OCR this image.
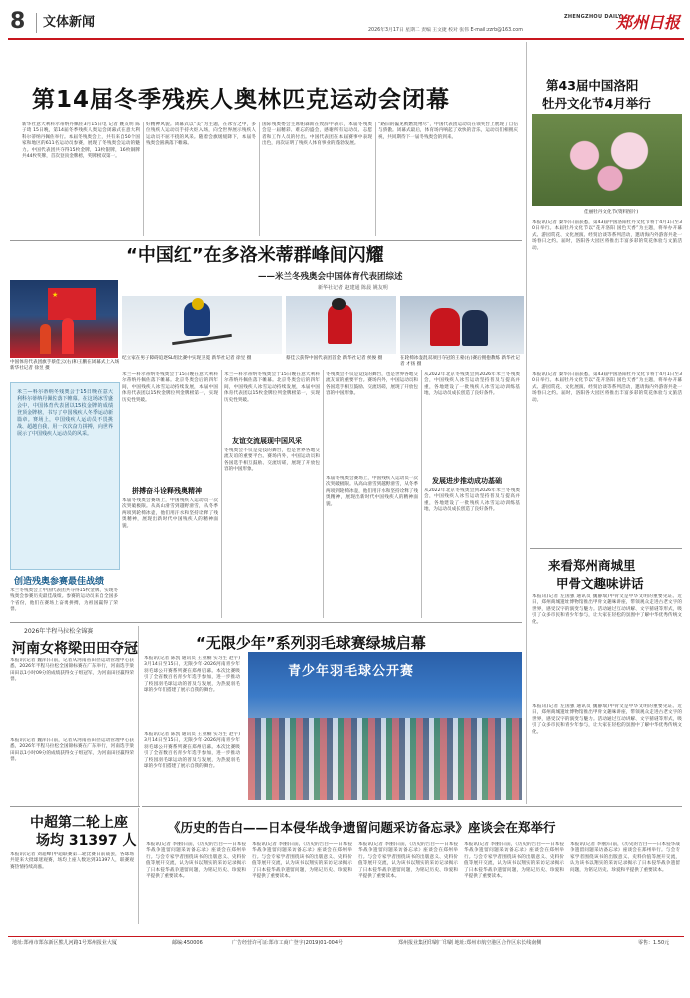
8	文体新闻
2026年3月17日 星期二 责编 王文捷 校对 张伟 E-mail:zzrb@163.com
ZHENGZHOU DAILY
郑州日报
第14届冬季残疾人奥林匹克运动会闭幕
新华社意大利科尔蒂纳丹佩佐3月15日电 记者 姚友明 陈子琦 15日晚，第14届冬季残疾人奥运会闭幕式在意大利科尔蒂纳丹佩佐举行。本届冬残奥会上，共有来自50个国家和地区的611名运动员参赛，展现了冬残奥会运动的魅力。中国代表团共夺得15枚金牌，13枚银牌，16枚铜牌共44枚奖牌，首次登顶金牌榜，奖牌榜双第一。
好精神风貌。闭幕式以“美”为主题，在冰雪之中，多位残疾人运动员手持火炬入场，向全世界展示残疾人运动员不屈不挠的风采。随着会旗缓缓降下，本届冬残奥会圆满落下帷幕。
国际残奥委会主席帕森斯在致辞中表示，本届冬残奥会是一届精彩、难忘的盛会，感谢所有运动员、志愿者和工作人员的付出。中国代表团在本届赛事中表现出色，再次证明了残疾人体育事业的蓬勃发展。
“路旧的偏见被燃烧殆尽”，中国代表团运动员在领奖台上展现了自信与骄傲。闭幕式最后，体育场内响起了欢快的音乐，运动员们相拥庆祝，共同期待下一届冬残奥会的到来。
“中国红”在多洛米蒂群峰间闪耀
——米兰冬残奥会中国体育代表团综述
新华社记者 赵建通 陈晨 姚友明
★
中国体育代表团旗手蔡佳云(右)和王鹏在闭幕式上入场 新华社记者 徐昱 摄
纪立家在男子障碍追逐SL组比赛中实现卫冕 新华社记者 徐昱 摄	蔡佳云获得中国代表团首金 新华社记者 侯俊 摄	在轮椅冰壶混双项目夺冠的王蒙(右)赛后拥抱教练 新华社记者 才扬 摄
米兰—科尔蒂纳冬残奥会于15日晚在意大利科尔蒂纳丹佩佐落下帷幕。在这场冰雪盛会中，中国体育代表团以15枚金牌的成绩登顶金牌榜，书写了中国残疾人冬季运动新篇章。赛场上，中国残疾人运动员不畏挑战、超越自我，用一次次奋力拼搏，向世界展示了中国残疾人运动员的风采。
米兰—科尔蒂纳冬残奥会于15日晚在意大利科尔蒂纳丹佩佐落下帷幕。北京冬奥会后的四年间，中国残疾人冰雪运动持续发展，本届中国体育代表团以15枚金牌位列金牌榜第一，实现历史性突破。
拼搏奋斗诠释残奥精神
本届冬残奥会赛场上，中国残疾人运动员一次次突破极限。从高山滑雪到越野滑雪，从冬季两项到轮椅冰壶，他们用汗水和坚持诠释了残奥精神，展现出新时代中国残疾人的精神面貌。
米兰—科尔蒂纳冬残奥会于15日晚在意大利科尔蒂纳丹佩佐落下帷幕。北京冬奥会后的四年间，中国残疾人冰雪运动持续发展，本届中国体育代表团以15枚金牌位列金牌榜第一，实现历史性突破。
友谊交流展现中国风采
冬残奥会不仅是竞技的舞台，也是世界各地交流友谊的重要平台。赛场内外，中国运动员和各国选手相互鼓励、交流切磋，展现了开放包容的中国形象。
冬残奥会不仅是竞技的舞台，也是世界各地交流友谊的重要平台。赛场内外，中国运动员和各国选手相互鼓励、交流切磋，展现了开放包容的中国形象。
发展进步推动成功基础
从2022年北京冬残奥会到2026年米兰冬残奥会，中国残疾人冰雪运动坚持普及与提高并重，各地建设了一批残疾人冰雪运动训练基地，为运动员成长创造了良好条件。
从2022年北京冬残奥会到2026年米兰冬残奥会，中国残疾人冰雪运动坚持普及与提高并重，各地建设了一批残疾人冰雪运动训练基地，为运动员成长创造了良好条件。
本届冬残奥会赛场上，中国残疾人运动员一次次突破极限。从高山滑雪到越野滑雪，从冬季两项到轮椅冰壶，他们用汗水和坚持诠释了残奥精神，展现出新时代中国残疾人的精神面貌。
创造残奥参赛最佳战绩
米兰冬残奥会上中国代表团共夺得15枚金牌，实现冬残奥会参赛历史最佳战绩。参赛的运动员来自全国多个省份，他们在赛场上奋勇拼搏，为祖国赢得了荣誉。
2026年半程马拉松全锦赛
河南女将梁田田夺冠
本报讯(记者 魏萍)日前，记者从河南省田径运动管理中心获悉，2026年半程马拉松全国锦标赛在广东举行，河南选手梁田田以1小时09分的成绩获得女子组冠军，为河南田径赢得荣誉。
本报讯(记者 魏萍)日前，记者从河南省田径运动管理中心获悉，2026年半程马拉松全国锦标赛在广东举行，河南选手梁田田以1小时09分的成绩获得女子组冠军，为河南田径赢得荣誉。
“无限少年”系列羽毛球赛绿城启幕
本报讯(记者 陈凯 通讯员 王亚楠 实习生 赵宇)3月14日至15日，无限少年·2026河南青少年羽毛球公开赛系列赛在郑州启幕。本次比赛吸引了全省数百名青少年选手参加，进一步推动了校园羽毛球运动的普及与发展，为热爱羽毛球的少年们搭建了展示自我的舞台。
本报讯(记者 陈凯 通讯员 王亚楠 实习生 赵宇)3月14日至15日，无限少年·2026河南青少年羽毛球公开赛系列赛在郑州启幕。本次比赛吸引了全省数百名青少年选手参加，进一步推动了校园羽毛球运动的普及与发展，为热爱羽毛球的少年们搭建了展示自我的舞台。
青少年羽毛球公开赛
中超第二轮上座
场均 31397 人
本报讯(记者 刘超峰)中超联赛第二轮比赛日前战罢，各球场共迎来大批球迷观赛，场均上座人数达到31397人，联赛观赛热情持续高涨。
《历史的告白——日本侵华战争遗留问题采访备忘录》座谈会在郑举行
本报讯(记者 李丽)日前，《历史的告白——日本侵华战争遗留问题采访备忘录》座谈会在郑州举行。与会专家学者围绕该书的出版意义、史料价值等展开交流，认为该书以翔实的采访记录揭示了日本侵华战争遗留问题，为铭记历史、珍爱和平提供了重要读本。
本报讯(记者 李丽)日前，《历史的告白——日本侵华战争遗留问题采访备忘录》座谈会在郑州举行。与会专家学者围绕该书的出版意义、史料价值等展开交流，认为该书以翔实的采访记录揭示了日本侵华战争遗留问题，为铭记历史、珍爱和平提供了重要读本。
本报讯(记者 李丽)日前，《历史的告白——日本侵华战争遗留问题采访备忘录》座谈会在郑州举行。与会专家学者围绕该书的出版意义、史料价值等展开交流，认为该书以翔实的采访记录揭示了日本侵华战争遗留问题，为铭记历史、珍爱和平提供了重要读本。
本报讯(记者 李丽)日前，《历史的告白——日本侵华战争遗留问题采访备忘录》座谈会在郑州举行。与会专家学者围绕该书的出版意义、史料价值等展开交流，认为该书以翔实的采访记录揭示了日本侵华战争遗留问题，为铭记历史、珍爱和平提供了重要读本。
本报讯(记者 李丽)日前，《历史的告白——日本侵华战争遗留问题采访备忘录》座谈会在郑州举行。与会专家学者围绕该书的出版意义、史料价值等展开交流，认为该书以翔实的采访记录揭示了日本侵华战争遗留问题，为铭记历史、珍爱和平提供了重要读本。
第43届中国洛阳
牡丹文化节4月举行
佳丽牡丹文化节(资料图片)
本报讯(记者 秦华)日前获悉，第43届中国洛阳牡丹文化节将于4月1日至30日举行。本届牡丹文化节以“花开洛阳 国色天香”为主题，将举办开幕式、游园赏花、文化展演、经贸洽谈等系列活动，邀请海内外游客共赴一场春日之约。届时，洛阳各大园区将推出丰富多彩的赏花体验与文旅活动。
本报讯(记者 秦华)日前获悉，第43届中国洛阳牡丹文化节将于4月1日至30日举行。本届牡丹文化节以“花开洛阳 国色天香”为主题，将举办开幕式、游园赏花、文化展演、经贸洽谈等系列活动，邀请海内外游客共赴一场春日之约。届时，洛阳各大园区将推出丰富多彩的赏花体验与文旅活动。
来看郑州商城里
甲骨文趣味讲话
本报讯(记者 左国强 通讯员 魏静瑞)甲骨文是中华文明的重要见证。近日，郑州商城遗址博物馆推出甲骨文趣味讲座，带领观众走进古老文字的世界，感受汉字的演变与魅力。活动通过互动讲解、文字猜谜等形式，吸引了众多市民和青少年参与，让大家在轻松的氛围中了解中华优秀传统文化。
本报讯(记者 左国强 通讯员 魏静瑞)甲骨文是中华文明的重要见证。近日，郑州商城遗址博物馆推出甲骨文趣味讲座，带领观众走进古老文字的世界，感受汉字的演变与魅力。活动通过互动讲解、文字猜谜等形式，吸引了众多市民和青少年参与，让大家在轻松的氛围中了解中华优秀传统文化。
地址:郑州市郑东新区熊儿河路1号郑州报业大厦	邮编:450006	广告经营许可证:郑市工商广登字(2019)01-004号	郑州报业集团印刷厂印刷 地址:郑州市航空港区合作区东长线南侧	零售：1.50元
